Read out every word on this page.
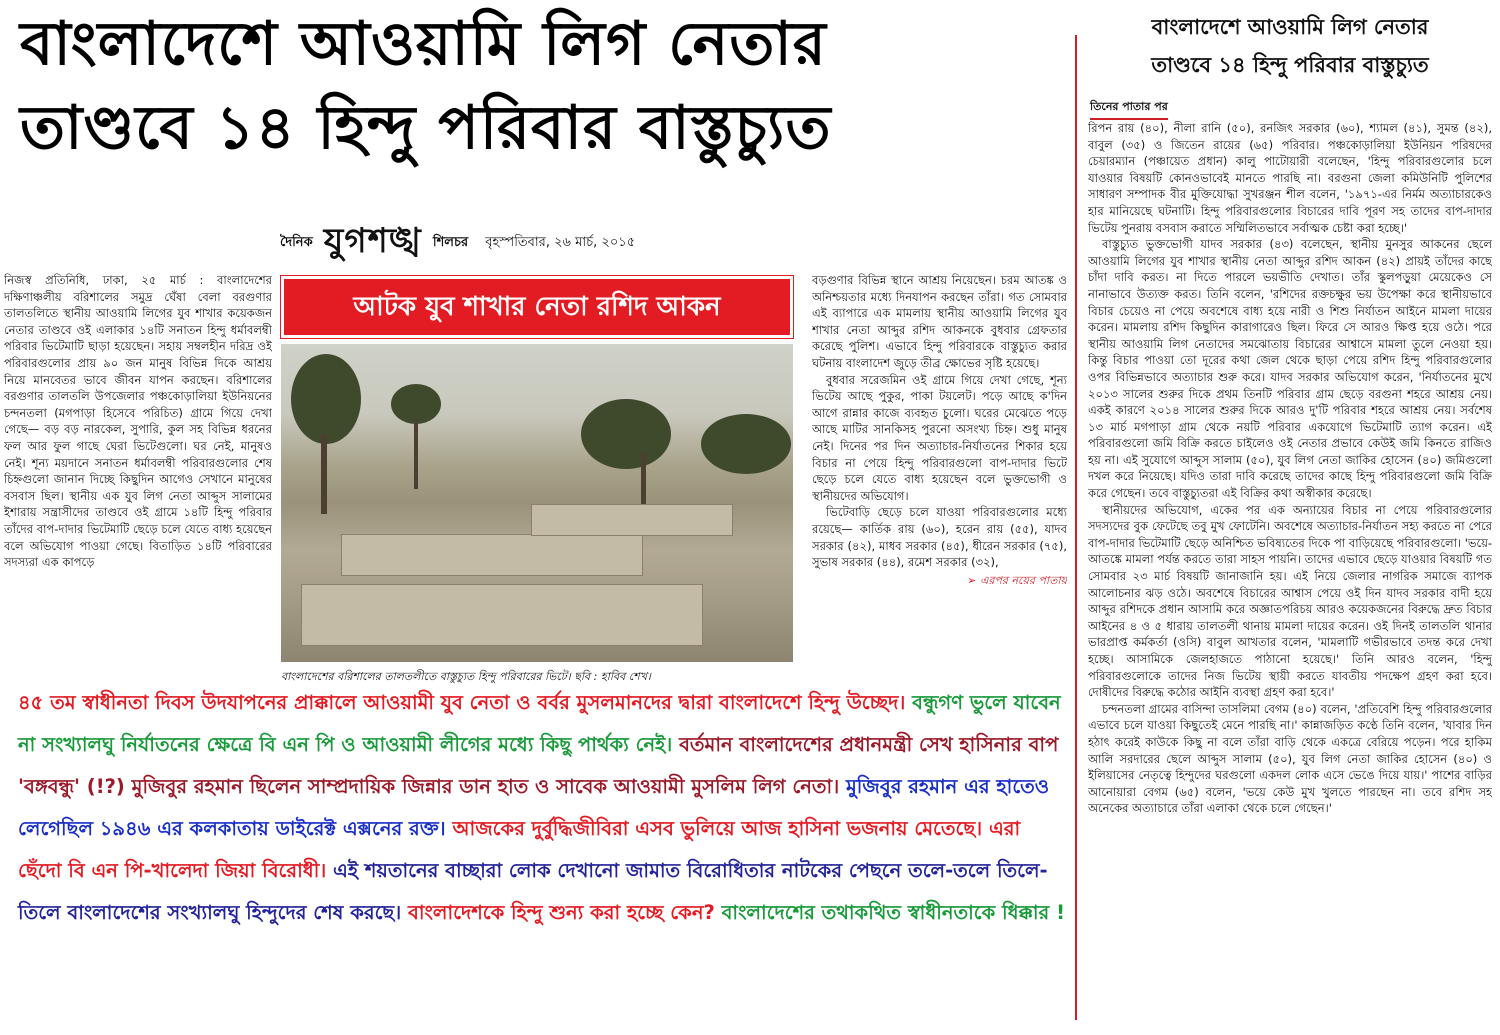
বাংলাদেশে আওয়ামি লিগ নেতার
তাণ্ডবে ১৪ হিন্দু পরিবার বাস্তুচ্যুত
দৈনিক যুগশঙ্খ শিলচর বৃহস্পতিবার, ২৬ মার্চ, ২০১৫

নিজস্ব প্রতিনিধি, ঢাকা, ২৫ মার্চ : বাংলাদেশের দক্ষিণাঞ্চলীয় বরিশালের সমুদ্র ঘেঁষা বেলা বরগুণার তালতলিতে স্থানীয় আওয়ামি লিগের যুব শাখার কয়েকজন নেতার তাণ্ডবে ওই এলাকার ১৪টি সনাতন হিন্দু ধর্মাবলম্বী পরিবার ভিটেমাটি ছাড়া হয়েছেন। সহায় সম্বলহীন দরিদ্র ওই পরিবারগুলোর প্রায় ৯০ জন মানুষ বিভিন্ন দিকে আশ্রয় নিয়ে মানবেতর ভাবে জীবন যাপন করছেন। বরিশালের বরগুণার তালতলি উপজেলার পঞ্চকোড়ালিয়া ইউনিয়নের চন্দনতলা (মগপাড়া হিসেবে পরিচিত) গ্রামে গিয়ে দেখা গেছে— বড় বড় নারকেল, সুপারি, কুল সহ বিভিন্ন ধরনের ফল আর ফুল গাছে ঘেরা ভিটেগুলো। ঘর নেই, মানুষও নেই। শূন্য ময়দানে সনাতন ধর্মাবলম্বী পরিবারগুলোর শেষ চিহ্নগুলো জানান দিচ্ছে কিছুদিন আগেও সেখানে মানুষের বসবাস ছিল। স্থানীয় এক যুব লিগ নেতা আব্দুস সালামের ইশারায় সন্ত্রাসীদের তাণ্ডবে ওই গ্রামে ১৪টি হিন্দু পরিবার তাঁদের বাপ-দাদার ভিটেমাটি ছেড়ে চলে যেতে বাধ্য হয়েছেন বলে অভিযোগ পাওয়া গেছে। বিতাড়িত ১৪টি পরিবারের সদস্যরা এক কাপড়ে

আটক যুব শাখার নেতা রশিদ আকন
বাংলাদেশের বরিশালের তালতলীতে বাস্তুচ্যুত হিন্দু পরিবারের ভিটে। ছবি : হাবিব শেখ।

বড়গুণার বিভিন্ন স্থানে আশ্রয় নিয়েছেন। চরম আতঙ্ক ও অনিশ্চয়তার মধ্যে দিনযাপন করছেন তাঁরা। গত সোমবার এই ব্যাপারে এক মামলায় স্থানীয় আওয়ামি লিগের যুব শাখার নেতা আব্দুর রশিদ আকনকে বুধবার গ্রেফতার করেছে পুলিশ। এভাবে হিন্দু পরিবারকে বাস্তুচ্যুত করার ঘটনায় বাংলাদেশ জুড়ে তীব্র ক্ষোভের সৃষ্টি হয়েছে।

বুধবার সরেজমিন ওই গ্রামে গিয়ে দেখা গেছে, শূন্য ভিটেয় আছে পুকুর, পাকা টয়লেট। পড়ে আছে ক'দিন আগে রান্নার কাজে ব্যবহৃত চুলো। ঘরের মেঝেতে পড়ে আছে মাটির সানকিসহ পুরনো অসংখ্য চিহ্ন। শুধু মানুষ নেই। দিনের পর দিন অত্যাচার-নির্যাতনের শিকার হয়ে বিচার না পেয়ে হিন্দু পরিবারগুলো বাপ-দাদার ভিটে ছেড়ে চলে যেতে বাধ্য হয়েছেন বলে ভুক্তভোগী ও স্থানীয়দের অভিযোগ।

ভিটেবাড়ি ছেড়ে চলে যাওয়া পরিবারগুলোর মধ্যে রয়েছে— কার্তিক রায় (৬০), হরেন রায় (৫৫), যাদব সরকার (৪২), মাধব সরকার (৪৫), ধীরেন সরকার (৭৫), সুভাষ সরকার (৪৪), রমেশ সরকার (৩২),

➢ এরপর নয়ের পাতায়
বাংলাদেশে আওয়ামি লিগ নেতার
তাণ্ডবে ১৪ হিন্দু পরিবার বাস্তুচ্যুত
তিনের পাতার পর

রিপন রায় (৪০), নীলা রানি (৫০), রনজিৎ সরকার (৬০), শ্যামল (৪১), সুমন্ত (৪২), বাবুল (৩৫) ও জিতেন রায়ের (৬৫) পরিবার। পঞ্চকোড়ালিয়া ইউনিয়ন পরিষদের চেয়ারম্যান (পঞ্চায়েত প্রধান) কালু পাটোয়ারী বলেছেন, 'হিন্দু পরিবারগুলোর চলে যাওয়ার বিষয়টি কোনওভাবেই মানতে পারছি না। বরগুনা জেলা কমিউনিটি পুলিশের সাধারণ সম্পাদক বীর মুক্তিযোদ্ধা সুখরঞ্জন শীল বলেন, '১৯৭১-এর নির্মম অত্যাচারকেও হার মানিয়েছে ঘটনাটি। হিন্দু পরিবারগুলোর বিচারের দাবি পূরণ সহ তাদের বাপ-দাদার ভিটেয় পুনরায় বসবাস করাতে সম্মিলিতভাবে সর্বাত্মক চেষ্টা করা হচ্ছে।'

বাস্তুচ্যুত ভুক্তভোগী যাদব সরকার (৪৩) বলেছেন, স্থানীয় মুনসুর আকনের ছেলে আওয়ামি লিগের যুব শাখার স্থানীয় নেতা আব্দুর রশিদ আকন (৪২) প্রায়ই তাঁদের কাছে চাঁদা দাবি করত। না দিতে পারলে ভয়ভীতি দেখাত। তাঁর স্কুলপড়ুয়া মেয়েকেও সে নানাভাবে উত্যক্ত করত। তিনি বলেন, 'রশিদের রক্তচক্ষুর ভয় উপেক্ষা করে স্থানীয়ভাবে বিচার চেয়েও না পেয়ে অবশেষে বাধ্য হয়ে নারী ও শিশু নির্যাতন আইনে মামলা দায়ের করেন। মামলায় রশিদ কিছুদিন কারাগারেও ছিল। ফিরে সে আরও ক্ষিপ্ত হয়ে ওঠে। পরে স্থানীয় আওয়ামি লিগ নেতাদের সমঝোতায় বিচারের আশ্বাসে মামলা তুলে নেওয়া হয়। কিন্তু বিচার পাওয়া তো দূরের কথা জেল থেকে ছাড়া পেয়ে রশিদ হিন্দু পরিবারগুলোর ওপর বিভিন্নভাবে অত্যাচার শুরু করে। যাদব সরকার অভিযোগ করেন, 'নির্যাতনের মুখে ২০১৩ সালের শুরুর দিকে প্রথম তিনটি পরিবার গ্রাম ছেড়ে বরগুনা শহরে আশ্রয় নেয়। একই কারণে ২০১৪ সালের শুরুর দিকে আরও দু'টি পরিবার শহরে আশ্রয় নেয়। সর্বশেষ ১৩ মার্চ মগপাড়া গ্রাম থেকে নয়টি পরিবার একযোগে ভিটেমাটি ত্যাগ করেন। এই পরিবারগুলো জমি বিক্রি করতে চাইলেও ওই নেতার প্রভাবে কেউই জমি কিনতে রাজিও হয় না। এই সুযোগে আব্দুস সালাম (৫০), যুব লিগ নেতা জাকির হোসেন (৪০) জমিগুলো দখল করে নিয়েছে। যদিও তারা দাবি করেছে তাদের কাছে হিন্দু পরিবারগুলো জমি বিক্রি করে গেছেন। তবে বাস্তুচ্যুতরা এই বিক্রির কথা অস্বীকার করেছে।

স্থানীয়দের অভিযোগ, একের পর এক অন্যায়ের বিচার না পেয়ে পরিবারগুলোর সদস্যদের বুক ফেটেছে তবু মুখ ফোটেনি। অবশেষে অত্যাচার-নির্যাতন সহ্য করতে না পেরে বাপ-দাদার ভিটেমাটি ছেড়ে অনিশ্চিত ভবিষ্যতের দিকে পা বাড়িয়েছে পরিবারগুলো। 'ভয়ে-আতঙ্কে মামলা পর্যন্ত করতে তারা সাহস পায়নি। তাদের এভাবে ছেড়ে যাওয়ার বিষয়টি গত সোমবার ২৩ মার্চ বিষয়টি জানাজানি হয়। এই নিয়ে জেলার নাগরিক সমাজে ব্যাপক আলোচনার ঝড় ওঠে। অবশেষে বিচারের আশ্বাস পেয়ে ওই দিন যাদব সরকার বাদী হয়ে আব্দুর রশিদকে প্রধান আসামি করে অজ্ঞাতপরিচয় আরও কয়েকজনের বিরুদ্ধে দ্রুত বিচার আইনের ৪ ও ৫ ধারায় তালতলী থানায় মামলা দায়ের করেন। ওই দিনই তালতলি থানার ভারপ্রাপ্ত কর্মকর্তা (ওসি) বাবুল আখতার বলেন, 'মামলাটি গভীরভাবে তদন্ত করে দেখা হচ্ছে। আসামিকে জেলহাজতে পাঠানো হয়েছে।' তিনি আরও বলেন, 'হিন্দু পরিবারগুলোকে তাদের নিজ ভিটেয় স্থায়ী করতে যাবতীয় পদক্ষেপ গ্রহণ করা হবে। দোষীদের বিরুদ্ধে কঠোর আইনি ব্যবস্থা গ্রহণ করা হবে।'

চন্দনতলা গ্রামের বাসিন্দা তাসলিমা বেগম (৪০) বলেন, 'প্রতিবেশি হিন্দু পরিবারগুলোর এভাবে চলে যাওয়া কিছুতেই মেনে পারছি না।' কান্নাজড়িত কণ্ঠে তিনি বলেন, 'যাবার দিন হঠাৎ করেই কাউকে কিছু না বলে তাঁরা বাড়ি থেকে একত্রে বেরিয়ে পড়েন। পরে হাকিম আলি সরদারের ছেলে আব্দুস সালাম (৫০), যুব লিগ নেতা জাকির হোসেন (৪০) ও ইলিয়াসের নেতৃত্বে হিন্দুদের ঘরগুলো একদল লোক এসে ভেঙে দিয়ে যায়।' পাশের বাড়ির আনোয়ারা বেগম (৬৫) বলেন, 'ভয়ে কেউ মুখ খুলতে পারছেন না। তবে রশিদ সহ অনেকের অত্যাচারে তাঁরা এলাকা থেকে চলে গেছেন।'

৪৫ তম স্বাধীনতা দিবস উদযাপনের প্রাক্কালে আওয়ামী যুব নেতা ও বর্বর মুসলমানদের দ্বারা বাংলাদেশে হিন্দু উচ্ছেদ। বন্ধুগণ ভুলে যাবেন না সংখ্যালঘু নির্যাতনের ক্ষেত্রে বি এন পি ও আওয়ামী লীগের মধ্যে কিছু পার্থক্য নেই। বর্তমান বাংলাদেশের প্রধানমন্ত্রী সেখ হাসিনার বাপ 'বঙ্গবন্ধু' (!?) মুজিবুর রহমান ছিলেন সাম্প্রদায়িক জিন্নার ডান হাত ও সাবেক আওয়ামী মুসলিম লিগ নেতা। মুজিবুর রহমান এর হাতেও লেগেছিল ১৯৪৬ এর কলকাতায় ডাইরেক্ট এক্সনের রক্ত। আজকের দুর্বুদ্ধিজীবিরা এসব ভুলিয়ে আজ হাসিনা ভজনায় মেতেছে। এরা ছেঁদো বি এন পি-খালেদা জিয়া বিরোধী। এই শয়তানের বাচ্ছারা লোক দেখানো জামাত বিরোধিতার নাটকের পেছনে তলে-তলে তিলে-তিলে বাংলাদেশের সংখ্যালঘু হিন্দুদের শেষ করছে। বাংলাদেশকে হিন্দু শুন্য করা হচ্ছে কেন? বাংলাদেশের তথাকথিত স্বাধীনতাকে ধিক্কার !
